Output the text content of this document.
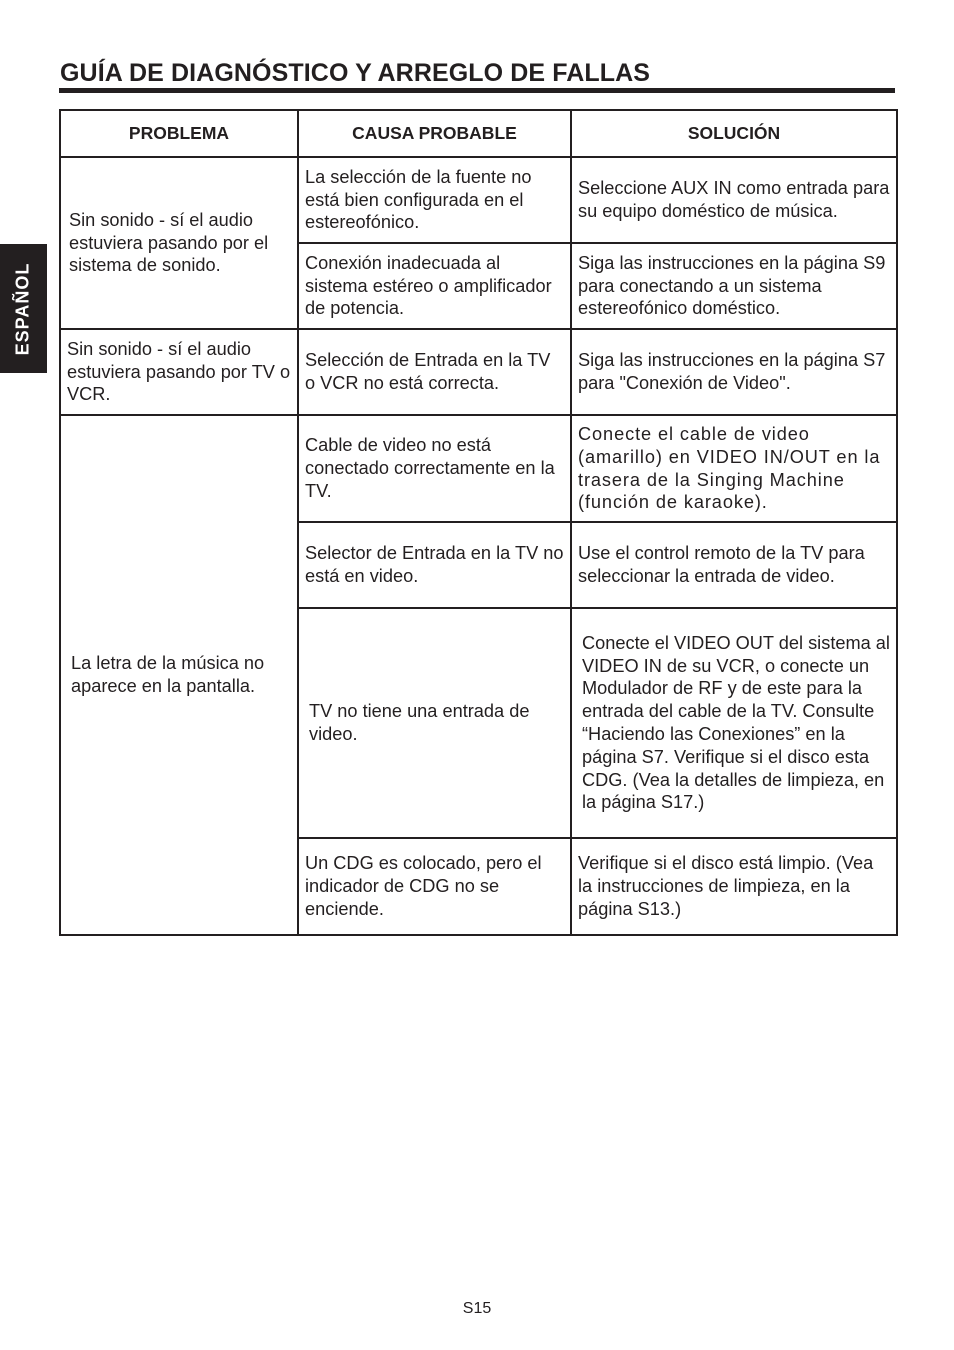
GUÍA DE DIAGNÓSTICO Y ARREGLO DE FALLAS
ESPAÑOL
PROBLEMA	CAUSA PROBABLE	SOLUCIÓN
Sin sonido - sí el audio estuviera pasando por el sistema de sonido.	La selección de la fuente no está bien configurada en el estereofónico.	Seleccione AUX IN como entrada para su equipo doméstico de música.
	Conexión inadecuada al sistema estéreo o amplificador de potencia.	Siga las instrucciones en la página S9 para conectando a un sistema estereofónico doméstico.
Sin sonido - sí el audio estuviera pasando por TV o VCR.	Selección de Entrada en la TV o VCR no está correcta.	Siga las instrucciones en la página S7 para "Conexión de Video".
La letra de la música no aparece en la pantalla.	Cable de video no está conectado correctamente en la TV.	Conecte el cable de video (amarillo) en VIDEO IN/OUT en la trasera de la Singing Machine (función de karaoke).
	Selector de Entrada en la TV no está en video.	Use el control remoto de la TV para seleccionar la entrada de video.
	TV no tiene una entrada de video.	Conecte el VIDEO OUT del sistema al VIDEO IN de su VCR, o conecte un Modulador de RF y de este para la entrada del cable de la TV. Consulte “Haciendo las Conexiones” en la página S7. Verifique si el disco esta CDG. (Vea la detalles de limpieza, en la página S17.)
	Un CDG es colocado, pero el indicador de CDG no se enciende.	Verifique si el disco está limpio. (Vea la instrucciones de limpieza, en la página S13.)
S15
